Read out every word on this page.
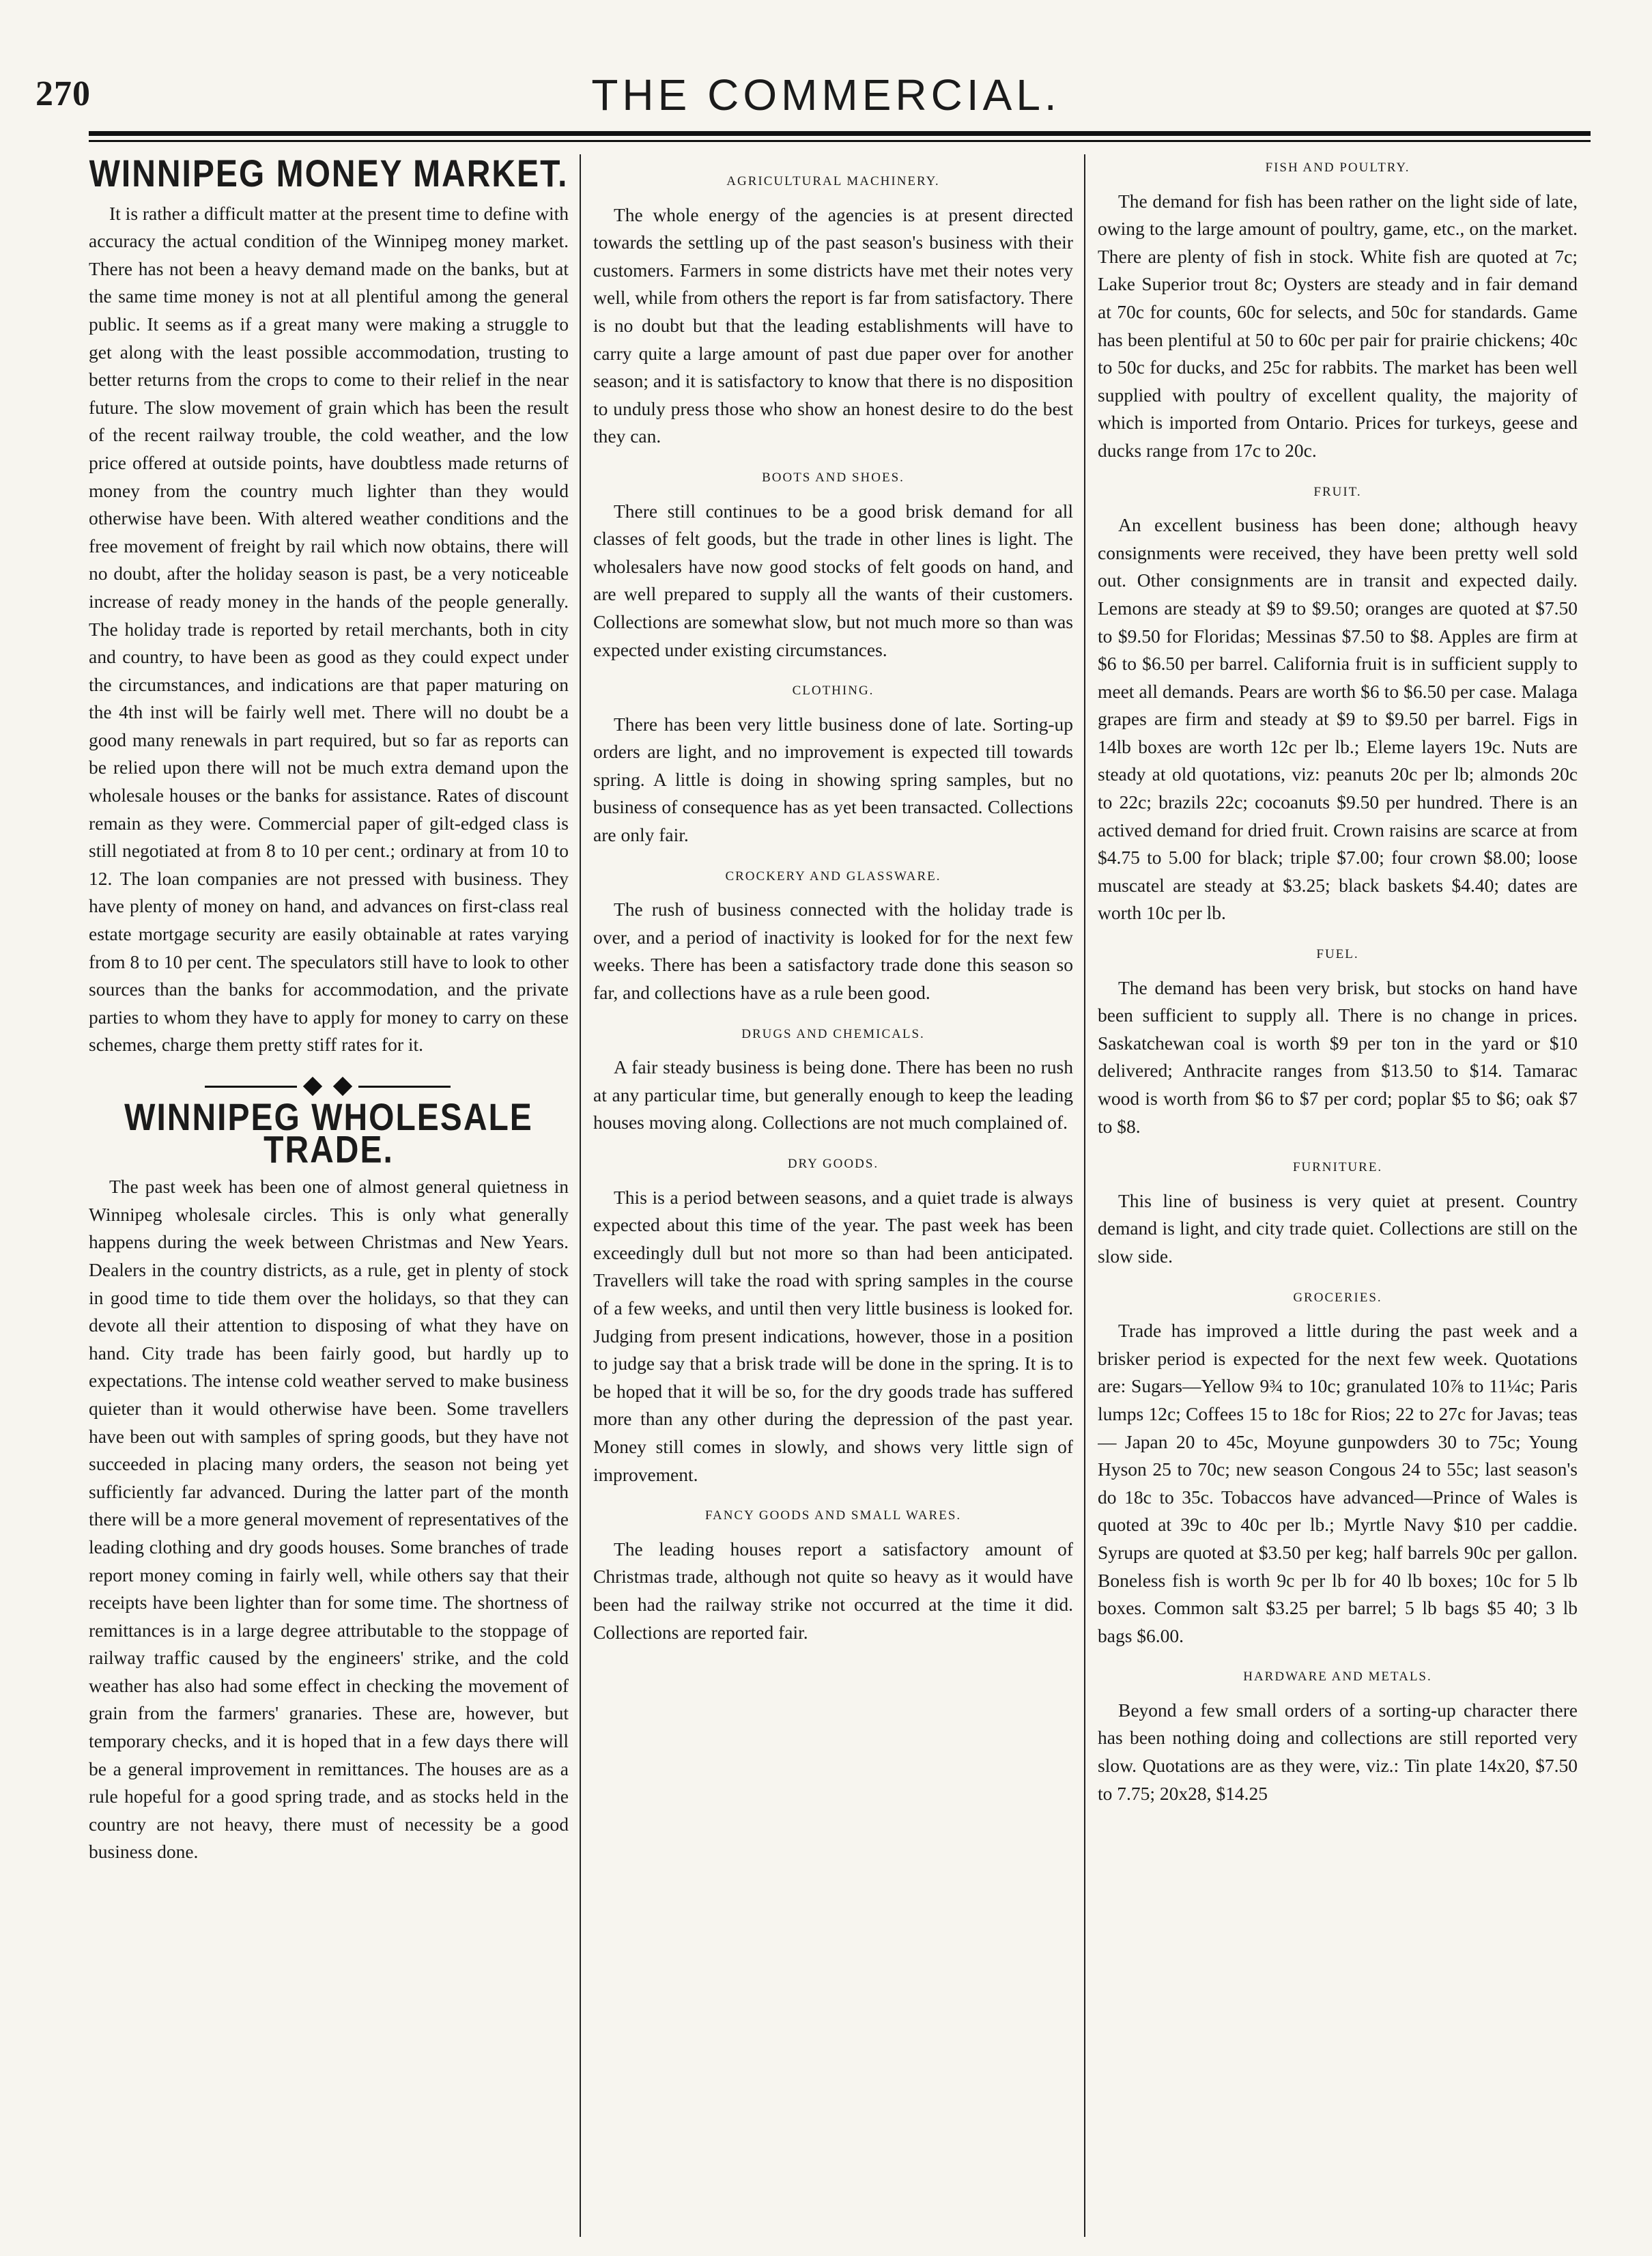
270	THE COMMERCIAL.
WINNIPEG MONEY MARKET.

It is rather a difficult matter at the present time to define with accuracy the actual condition of the Winnipeg money market. There has not been a heavy demand made on the banks, but at the same time money is not at all plentiful among the general public. It seems as if a great many were making a struggle to get along with the least possible accommodation, trusting to better returns from the crops to come to their relief in the near future. The slow movement of grain which has been the result of the recent railway trouble, the cold weather, and the low price offered at outside points, have doubtless made returns of money from the country much lighter than they would otherwise have been. With altered weather conditions and the free movement of freight by rail which now obtains, there will no doubt, after the holiday season is past, be a very noticeable increase of ready money in the hands of the people generally. The holiday trade is reported by retail merchants, both in city and country, to have been as good as they could expect under the circumstances, and indications are that paper maturing on the 4th inst will be fairly well met. There will no doubt be a good many renewals in part required, but so far as reports can be relied upon there will not be much extra demand upon the wholesale houses or the banks for assistance. Rates of discount remain as they were. Commercial paper of gilt-edged class is still negotiated at from 8 to 10 per cent.; ordinary at from 10 to 12. The loan companies are not pressed with business. They have plenty of money on hand, and advances on first-class real estate mortgage security are easily obtainable at rates varying from 8 to 10 per cent. The speculators still have to look to other sources than the banks for accommodation, and the private parties to whom they have to apply for money to carry on these schemes, charge them pretty stiff rates for it.

WINNIPEG WHOLESALE TRADE.

The past week has been one of almost general quietness in Winnipeg wholesale circles. This is only what generally happens during the week between Christmas and New Years. Dealers in the country districts, as a rule, get in plenty of stock in good time to tide them over the holidays, so that they can devote all their attention to disposing of what they have on hand. City trade has been fairly good, but hardly up to expectations. The intense cold weather served to make business quieter than it would otherwise have been. Some travellers have been out with samples of spring goods, but they have not succeeded in placing many orders, the season not being yet sufficiently far advanced. During the latter part of the month there will be a more general movement of representatives of the leading clothing and dry goods houses. Some branches of trade report money coming in fairly well, while others say that their receipts have been lighter than for some time. The shortness of remittances is in a large degree attributable to the stoppage of railway traffic caused by the engineers' strike, and the cold weather has also had some effect in checking the movement of grain from the farmers' granaries. These are, however, but temporary checks, and it is hoped that in a few days there will be a general improvement in remittances. The houses are as a rule hopeful for a good spring trade, and as stocks held in the country are not heavy, there must of necessity be a good business done.

AGRICULTURAL MACHINERY.

The whole energy of the agencies is at present directed towards the settling up of the past season's business with their customers. Farmers in some districts have met their notes very well, while from others the report is far from satisfactory. There is no doubt but that the leading establishments will have to carry quite a large amount of past due paper over for another season; and it is satisfactory to know that there is no disposition to unduly press those who show an honest desire to do the best they can.

BOOTS AND SHOES.

There still continues to be a good brisk demand for all classes of felt goods, but the trade in other lines is light. The wholesalers have now good stocks of felt goods on hand, and are well prepared to supply all the wants of their customers. Collections are somewhat slow, but not much more so than was expected under existing circumstances.

CLOTHING.

There has been very little business done of late. Sorting-up orders are light, and no improvement is expected till towards spring. A little is doing in showing spring samples, but no business of consequence has as yet been transacted. Collections are only fair.

CROCKERY AND GLASSWARE.

The rush of business connected with the holiday trade is over, and a period of inactivity is looked for for the next few weeks. There has been a satisfactory trade done this season so far, and collections have as a rule been good.

DRUGS AND CHEMICALS.

A fair steady business is being done. There has been no rush at any particular time, but generally enough to keep the leading houses moving along. Collections are not much complained of.

DRY GOODS.

This is a period between seasons, and a quiet trade is always expected about this time of the year. The past week has been exceedingly dull but not more so than had been anticipated. Travellers will take the road with spring samples in the course of a few weeks, and until then very little business is looked for. Judging from present indications, however, those in a position to judge say that a brisk trade will be done in the spring. It is to be hoped that it will be so, for the dry goods trade has suffered more than any other during the depression of the past year. Money still comes in slowly, and shows very little sign of improvement.

FANCY GOODS AND SMALL WARES.

The leading houses report a satisfactory amount of Christmas trade, although not quite so heavy as it would have been had the railway strike not occurred at the time it did. Collections are reported fair.

FISH AND POULTRY.

The demand for fish has been rather on the light side of late, owing to the large amount of poultry, game, etc., on the market. There are plenty of fish in stock. White fish are quoted at 7c; Lake Superior trout 8c; Oysters are steady and in fair demand at 70c for counts, 60c for selects, and 50c for standards. Game has been plentiful at 50 to 60c per pair for prairie chickens; 40c to 50c for ducks, and 25c for rabbits. The market has been well supplied with poultry of excellent quality, the majority of which is imported from Ontario. Prices for turkeys, geese and ducks range from 17c to 20c.

FRUIT.

An excellent business has been done; although heavy consignments were received, they have been pretty well sold out. Other consignments are in transit and expected daily. Lemons are steady at $9 to $9.50; oranges are quoted at $7.50 to $9.50 for Floridas; Messinas $7.50 to $8. Apples are firm at $6 to $6.50 per barrel. California fruit is in sufficient supply to meet all demands. Pears are worth $6 to $6.50 per case. Malaga grapes are firm and steady at $9 to $9.50 per barrel. Figs in 14lb boxes are worth 12c per lb.; Eleme layers 19c. Nuts are steady at old quotations, viz: peanuts 20c per lb; almonds 20c to 22c; brazils 22c; cocoanuts $9.50 per hundred. There is an actived demand for dried fruit. Crown raisins are scarce at from $4.75 to 5.00 for black; triple $7.00; four crown $8.00; loose muscatel are steady at $3.25; black baskets $4.40; dates are worth 10c per lb.

FUEL.

The demand has been very brisk, but stocks on hand have been sufficient to supply all. There is no change in prices. Saskatchewan coal is worth $9 per ton in the yard or $10 delivered; Anthracite ranges from $13.50 to $14. Tamarac wood is worth from $6 to $7 per cord; poplar $5 to $6; oak $7 to $8.

FURNITURE.

This line of business is very quiet at present. Country demand is light, and city trade quiet. Collections are still on the slow side.

GROCERIES.

Trade has improved a little during the past week and a brisker period is expected for the next few week. Quotations are: Sugars—Yellow 9¾ to 10c; granulated 10⅞ to 11¼c; Paris lumps 12c; Coffees 15 to 18c for Rios; 22 to 27c for Javas; teas — Japan 20 to 45c, Moyune gunpowders 30 to 75c; Young Hyson 25 to 70c; new season Congous 24 to 55c; last season's do 18c to 35c. Tobaccos have advanced—Prince of Wales is quoted at 39c to 40c per lb.; Myrtle Navy $10 per caddie. Syrups are quoted at $3.50 per keg; half barrels 90c per gallon. Boneless fish is worth 9c per lb for 40 lb boxes; 10c for 5 lb boxes. Common salt $3.25 per barrel; 5 lb bags $5 40; 3 lb bags $6.00.

HARDWARE AND METALS.

Beyond a few small orders of a sorting-up character there has been nothing doing and collections are still reported very slow. Quotations are as they were, viz.: Tin plate 14x20, $7.50 to 7.75; 20x28, $14.25
